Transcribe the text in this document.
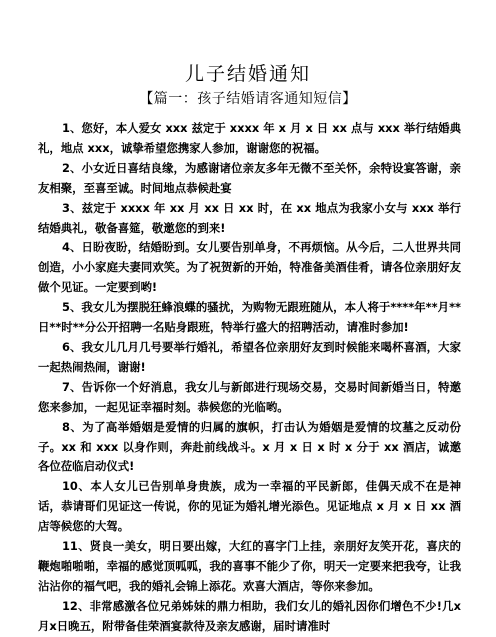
儿子结婚通知
【篇一：孩子结婚请客通知短信】

1、您好，本人爱女 xxx 兹定于 xxxx 年 x 月 x 日 xx 点与 xxx 举行结婚典礼，地点 xxx，诚挚希望您携家人参加，谢谢您的祝福。

2、小女近日喜结良缘，为感谢诸位亲友多年无微不至关怀，余特设宴答谢，亲友相聚，至喜至诚。时间地点恭候赴宴

3、兹定于 xxxx 年 xx 月 xx 日 xx 时，在 xx 地点为我家小女与 xxx 举行结婚典礼，敬备喜筵，敬邀您的到来!

4、日盼夜盼，结婚盼到。女儿要告别单身，不再烦恼。从今后，二人世界共同创造，小小家庭夫妻同欢笑。为了祝贺新的开始，特准备美酒佳肴，请各位亲朋好友做个见证。一定要到哟!

5、我女儿为摆脱狂蜂浪蝶的骚扰，为购物无跟班随从，本人将于****年**月**日**时**分公开招聘一名贴身跟班，特举行盛大的招聘活动，请准时参加!

6、我女儿几月几号要举行婚礼，希望各位亲朋好友到时候能来喝杯喜酒，大家一起热闹热闹，谢谢!

7、告诉你一个好消息，我女儿与新郎进行现场交易，交易时间新婚当日，特邀您来参加，一起见证幸福时刻。恭候您的光临哟。

8、为了高举婚姻是爱情的归属的旗帜，打击认为婚姻是爱情的坟墓之反动份子。xx 和 xxx 以身作则，奔赴前线战斗。x 月 x 日 x 时 x 分于 xx 酒店，诚邀各位莅临启动仪式!

10、本人女儿已告别单身贵族，成为一幸福的平民新郎，佳偶天成不在是神话，恭请哥们见证这一传说，你的见证为婚礼增光添色。见证地点 x 月 x 日 xx 酒店等候您的大驾。

11、贤良一美女，明日要出嫁，大红的喜字门上挂，亲朋好友笑开花，喜庆的鞭炮啪啪啪，幸福的感觉顶呱呱，我的喜事不能少了你，明天一定要来把我夸，让我沾沾你的福气吧，我的婚礼会锦上添花。欢喜大酒店，等你来参加。

12、非常感激各位兄弟姊妹的鼎力相助，我们女儿的婚礼因你们增色不少!几x月x日晚五，附带备佳荣酒宴款待及亲友感谢，届时请准时
